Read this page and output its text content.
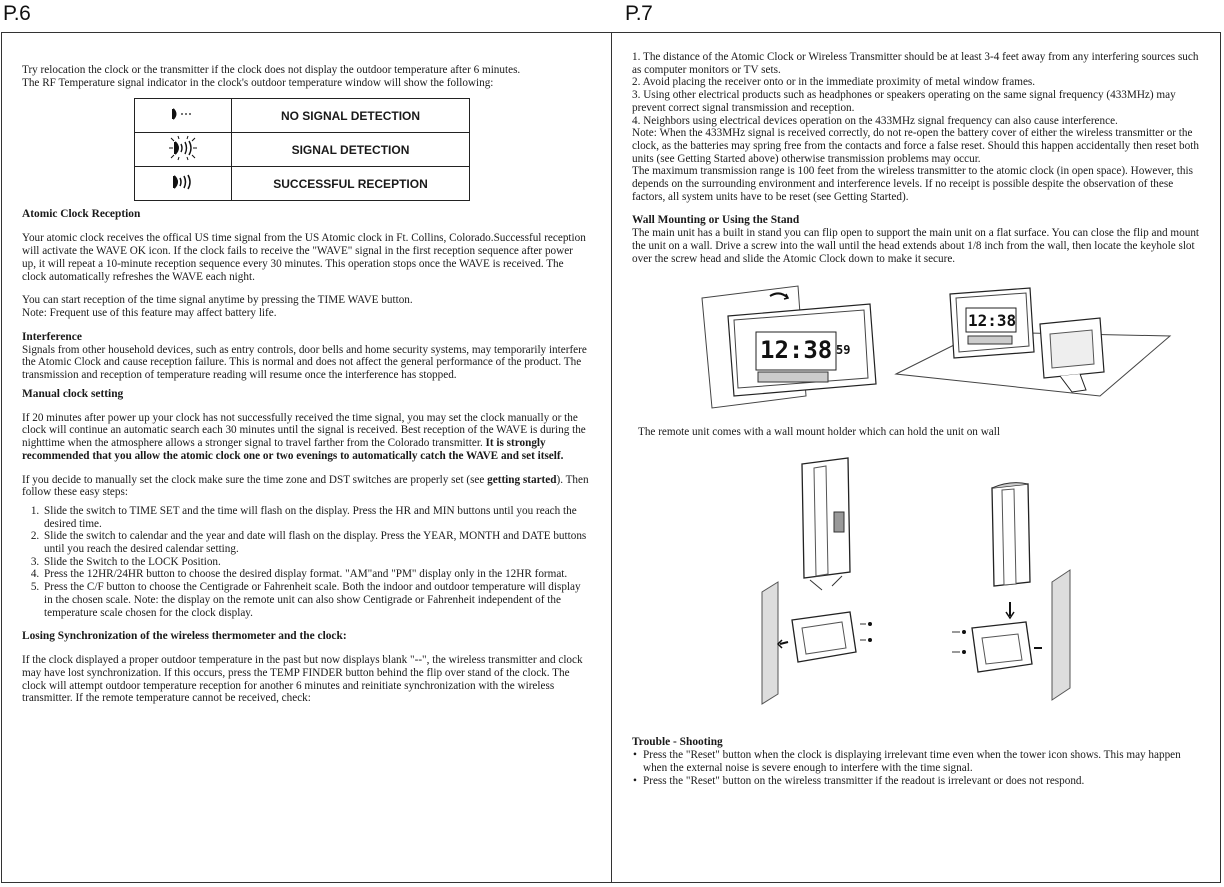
P.6	P.7

Try relocation the clock or the transmitter if the clock does not display the outdoor temperature after 6 minutes.

The RF Temperature signal indicator in the clock's outdoor temperature window will show the following:

	NO SIGNAL DETECTION
	SIGNAL DETECTION
	SUCCESSFUL RECEPTION
Atomic Clock Reception

Your atomic clock receives the offical US time signal from the US Atomic clock in Ft. Collins, Colorado.Successful reception will activate the WAVE OK icon. If the clock fails to receive the "WAVE" signal in the first reception sequence after power up, it will repeat a 10-minute reception sequence every 30 minutes. This operation stops once the WAVE is received. The clock automatically refreshes the WAVE each night.

You can start reception of the time signal anytime by pressing the TIME WAVE button.

Note: Frequent use of this feature may affect battery life.

Interference

Signals from other household devices, such as entry controls, door bells and home security systems, may temporarily interfere the Atomic Clock and cause reception failure. This is normal and does not affect the general performance of the product. The transmission and reception of temperature reading will resume once the interference has stopped.

Manual clock setting

If 20 minutes after power up your clock has not successfully received the time signal, you may set the clock manually or the clock will continue an automatic search each 30 minutes until the signal is received. Best reception of the WAVE is during the nighttime when the atmosphere allows a stronger signal to travel farther from the Colorado transmitter. It is strongly recommended that you allow the atomic clock one or two evenings to automatically catch the WAVE and set itself.

If you decide to manually set the clock make sure the time zone and DST switches are properly set (see getting started). Then follow these easy steps:

1. Slide the switch to TIME SET and the time will flash on the display. Press the HR and MIN buttons until you reach the desired time.
2. Slide the switch to calendar and the year and date will flash on the display. Press the YEAR, MONTH and DATE buttons until you reach the desired calendar setting.
3. Slide the Switch to the LOCK Position.
4. Press the 12HR/24HR button to choose the desired display format. "AM"and "PM" display only in the 12HR format.
5. Press the C/F button to choose the Centigrade or Fahrenheit scale. Both the indoor and outdoor temperature will display in the chosen scale. Note: the display on the remote unit can also show Centigrade or Fahrenheit independent of the temperature scale chosen for the clock display.
Losing Synchronization of the wireless thermometer and the clock:

If the clock displayed a proper outdoor temperature in the past but now displays blank "--", the wireless transmitter and clock may have lost synchronization. If this occurs, press the TEMP FINDER button behind the flip over stand of the clock. The clock will attempt outdoor temperature reception for another 6 minutes and reinitiate synchronization with the wireless transmitter. If the remote temperature cannot be received, check:

1. The distance of the Atomic Clock or Wireless Transmitter should be at least 3-4 feet away from any interfering sources such as computer monitors or TV sets.

2. Avoid placing the receiver onto or in the immediate proximity of metal window frames.

3. Using other electrical products such as headphones or speakers operating on the same signal frequency (433MHz) may prevent correct signal transmission and reception.

4. Neighbors using electrical devices operation on the 433MHz signal frequency can also cause interference.

Note: When the 433MHz signal is received correctly, do not re-open the battery cover of either the wireless transmitter or the clock, as the batteries may spring free from the contacts and force a false reset. Should this happen accidentally then reset both units (see Getting Started above) otherwise transmission problems may occur.

The maximum transmission range is 100 feet from the wireless transmitter to the atomic clock (in open space). However, this depends on the surrounding environment and interference levels. If no receipt is possible despite the observation of these factors, all system units have to be reset (see Getting Started).

Wall Mounting or Using the Stand

The main unit has a built in stand you can flip open to support the main unit on a flat surface. You can close the flip and mount the unit on a wall. Drive a screw into the wall until the head extends about 1/8 inch from the wall, then locate the keyhole slot over the screw head and slide the Atomic Clock down to make it secure.

12:38 59
12:38

The remote unit comes with a wall mount holder which can hold the unit on wall

Trouble - Shooting
• Press the "Reset" button when the clock is displaying irrelevant time even when the tower icon shows. This may happen when the external noise is severe enough to interfere with the time signal.
• Press the "Reset" button on the wireless transmitter if the readout is irrelevant or does not respond.
